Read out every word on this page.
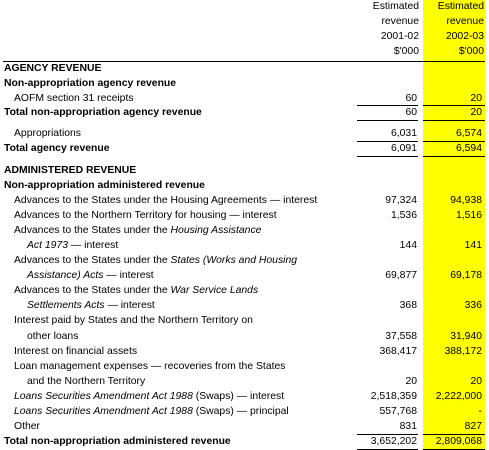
Estimated
revenue
2001-02
$'000
Estimated
revenue
2002-03
$'000
AGENCY REVENUE
Non-appropriation agency revenue
AOFM section 31 receipts	60	20
Total non-appropriation agency revenue	60	20
Appropriations	6,031	6,574
Total agency revenue	6,091	6,594
ADMINISTERED REVENUE
Non-appropriation administered revenue
Advances to the States under the Housing Agreements — interest	97,324	94,938
Advances to the Northern Territory for housing — interest	1,536	1,516
Advances to the States under the Housing Assistance
Act 1973 — interest	144	141
Advances to the States under the States (Works and Housing
Assistance) Acts — interest	69,877	69,178
Advances to the States under the War Service Lands
Settlements Acts — interest	368	336
Interest paid by States and the Northern Territory on
other loans	37,558	31,940
Interest on financial assets	368,417	388,172
Loan management expenses — recoveries from the States
and the Northern Territory	20	20
Loans Securities Amendment Act 1988 (Swaps) — interest	2,518,359 2,222,000
Loans Securities Amendment Act 1988 (Swaps) — principal	557,768	-
Other	831	827
Total non-appropriation administered revenue	3,652,202 2,809,068
